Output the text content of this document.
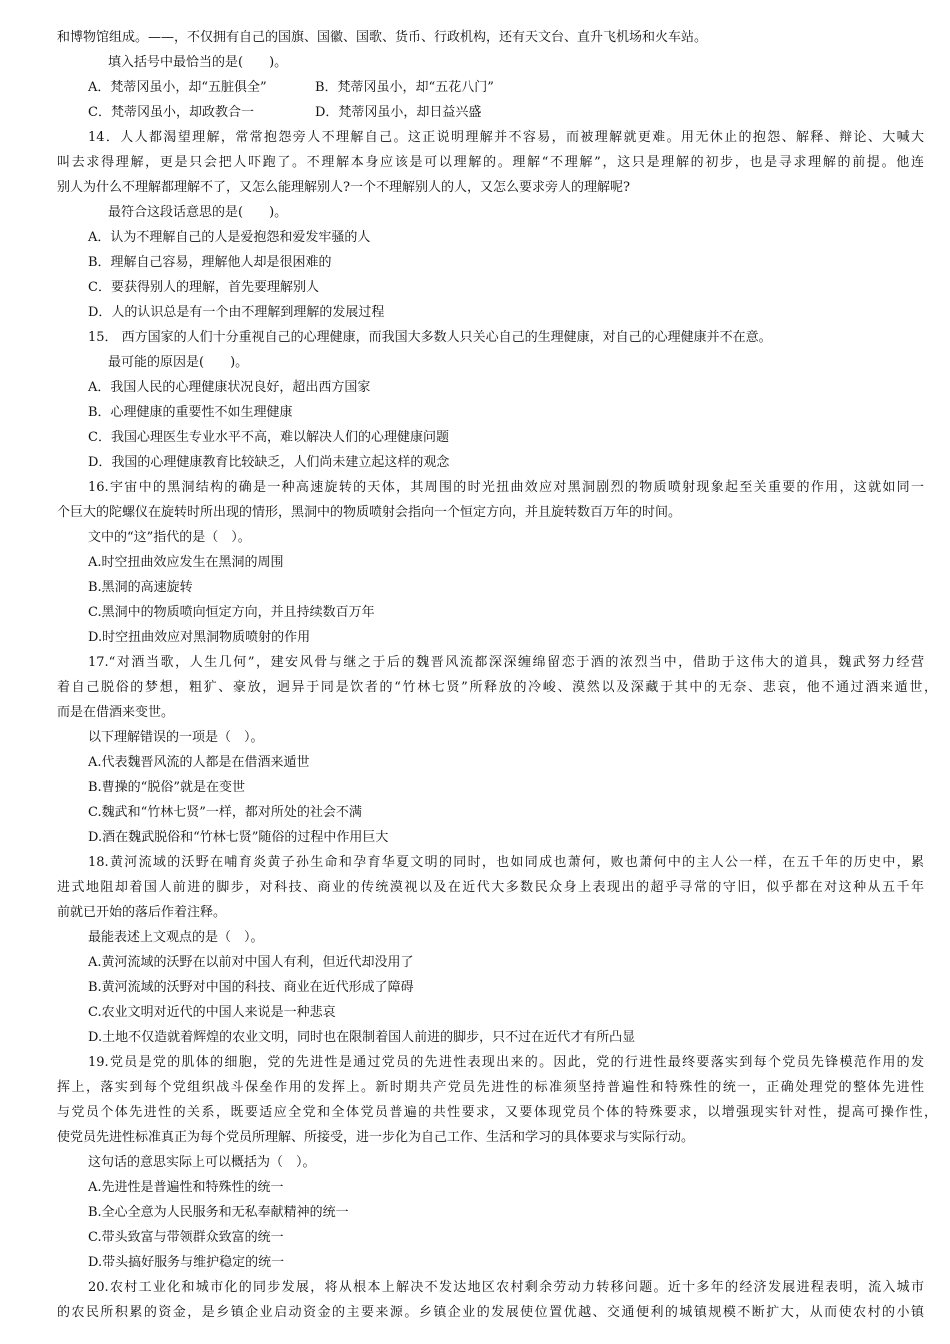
和博物馆组成。——，不仅拥有自己的国旗、国徽、国歌、货币、行政机构，还有天文台、直升飞机场和火车站。
填入括号中最恰当的是(　　)。
A．梵蒂冈虽小，却“五脏俱全”	B．梵蒂冈虽小，却“五花八门”
C．梵蒂冈虽小，却政教合一	D．梵蒂冈虽小，却日益兴盛
14．人人都渴望理解，常常抱怨旁人不理解自己。这正说明理解并不容易，而被理解就更难。用无休止的抱怨、解释、辩论、大喊大
叫去求得理解，更是只会把人吓跑了。不理解本身应该是可以理解的。理解“不理解”，这只是理解的初步，也是寻求理解的前提。他连
别人为什么不理解都理解不了，又怎么能理解别人?一个不理解别人的人，又怎么要求旁人的理解呢?
最符合这段话意思的是(　　)。
A．认为不理解自己的人是爱抱怨和爱发牢骚的人
B．理解自己容易，理解他人却是很困难的
C．要获得别人的理解，首先要理解别人
D．人的认识总是有一个由不理解到理解的发展过程
15． 西方国家的人们十分重视自己的心理健康，而我国大多数人只关心自己的生理健康，对自己的心理健康并不在意。
最可能的原因是(　　)。
A．我国人民的心理健康状况良好，超出西方国家
B．心理健康的重要性不如生理健康
C．我国心理医生专业水平不高，难以解决人们的心理健康问题
D．我国的心理健康教育比较缺乏，人们尚未建立起这样的观念
16.宇宙中的黑洞结构的确是一种高速旋转的天体，其周围的时光扭曲效应对黑洞剧烈的物质喷射现象起至关重要的作用，这就如同一
个巨大的陀螺仪在旋转时所出现的情形，黑洞中的物质喷射会指向一个恒定方向，并且旋转数百万年的时间。
文中的“这”指代的是（　）。
A.时空扭曲效应发生在黑洞的周围
B.黑洞的高速旋转
C.黑洞中的物质喷向恒定方向，并且持续数百万年
D.时空扭曲效应对黑洞物质喷射的作用
17.“对酒当歌，人生几何”，建安风骨与继之于后的魏晋风流都深深缠绵留恋于酒的浓烈当中，借助于这伟大的道具，魏武努力经营
着自己脱俗的梦想，粗犷、豪放，迥异于同是饮者的“竹林七贤”所释放的冷峻、漠然以及深藏于其中的无奈、悲哀，他不通过酒来遁世，
而是在借酒来变世。
以下理解错误的一项是（　）。
A.代表魏晋风流的人都是在借酒来遁世
B.曹操的“脱俗”就是在变世
C.魏武和“竹林七贤”一样，都对所处的社会不满
D.酒在魏武脱俗和“竹林七贤”随俗的过程中作用巨大
18.黄河流域的沃野在哺育炎黄子孙生命和孕育华夏文明的同时，也如同成也萧何，败也萧何中的主人公一样，在五千年的历史中，累
进式地阻却着国人前进的脚步，对科技、商业的传统漠视以及在近代大多数民众身上表现出的超乎寻常的守旧，似乎都在对这种从五千年
前就已开始的落后作着注释。
最能表述上文观点的是（　）。
A.黄河流域的沃野在以前对中国人有利，但近代却没用了
B.黄河流域的沃野对中国的科技、商业在近代形成了障碍
C.农业文明对近代的中国人来说是一种悲哀
D.土地不仅造就着辉煌的农业文明，同时也在限制着国人前进的脚步，只不过在近代才有所凸显
19.党员是党的肌体的细胞，党的先进性是通过党员的先进性表现出来的。因此，党的行进性最终要落实到每个党员先锋模范作用的发
挥上，落实到每个党组织战斗保垒作用的发挥上。新时期共产党员先进性的标准须坚持普遍性和特殊性的统一，正确处理党的整体先进性
与党员个体先进性的关系，既要适应全党和全体党员普遍的共性要求，又要体现党员个体的特殊要求，以增强现实针对性，提高可操作性，
使党员先进性标准真正为每个党员所理解、所接受，进一步化为自己工作、生活和学习的具体要求与实际行动。
这句话的意思实际上可以概括为（　）。
A.先进性是普遍性和特殊性的统一
B.全心全意为人民服务和无私奉献精神的统一
C.带头致富与带领群众致富的统一
D.带头搞好服务与维护稳定的统一
20.农村工业化和城市化的同步发展，将从根本上解决不发达地区农村剩余劳动力转移问题。近十多年的经济发展进程表明，流入城市
的农民所积累的资金，是乡镇企业启动资金的主要来源。乡镇企业的发展使位置优越、交通便利的城镇规模不断扩大，从而使农村的小镇
